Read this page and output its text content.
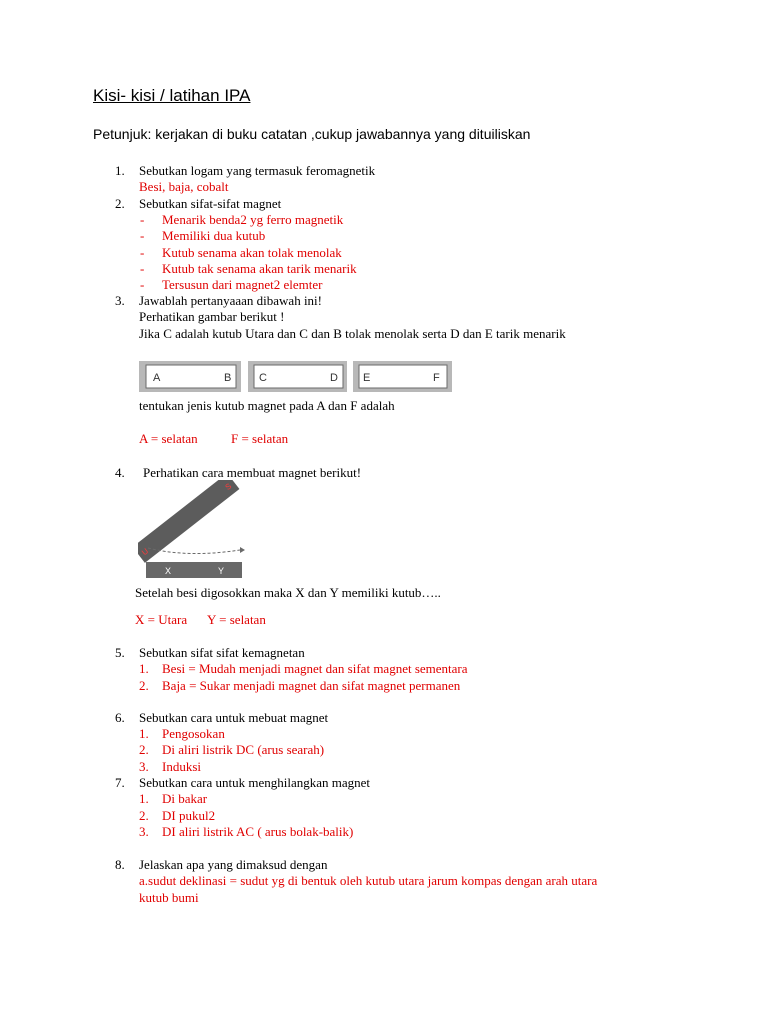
Kisi- kisi / latihan IPA
Petunjuk: kerjakan di buku catatan ,cukup jawabannya yang dituiliskan
1. Sebutkan logam yang termasuk feromagnetik
Besi, baja, cobalt
2. Sebutkan sifat-sifat magnet
- Menarik benda2 yg ferro magnetik
- Memiliki dua kutub
- Kutub senama akan tolak menolak
- Kutub tak senama akan tarik menarik
- Tersusun dari magnet2 elemter
3. Jawablah pertanyaaan dibawah ini!
Perhatikan gambar berikut !
Jika C adalah kutub Utara dan C dan B tolak menolak serta D dan E tarik menarik
A	B	C	D E	F
tentukan jenis kutub magnet pada A dan F adalah
A = selatan	F = selatan
4. Perhatikan cara membuat magnet berikut!
S
U
X	Y
Setelah besi digosokkan maka X dan Y memiliki kutub…..
X = Utara Y = selatan
5. Sebutkan sifat sifat kemagnetan
1. Besi = Mudah menjadi magnet dan sifat magnet sementara
2. Baja = Sukar menjadi magnet dan sifat magnet permanen
6. Sebutkan cara untuk mebuat magnet
1. Pengosokan
2. Di aliri listrik DC (arus searah)
3. Induksi
7. Sebutkan cara untuk menghilangkan magnet
1. Di bakar
2. DI pukul2
3. DI aliri listrik AC ( arus bolak-balik)
8. Jelaskan apa yang dimaksud dengan
a.sudut deklinasi = sudut yg di bentuk oleh kutub utara jarum kompas dengan arah utara
kutub bumi
